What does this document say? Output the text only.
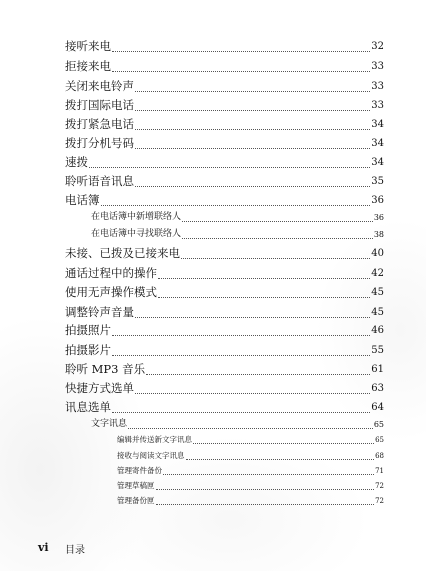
接听来电	32
拒接来电	33
关闭来电铃声	33
拨打国际电话	33
拨打紧急电话	34
拨打分机号码	34
速拨	34
聆听语音讯息	35
电话簿	36
在电话簿中新增联络人	36
在电话簿中寻找联络人	38
未接、已拨及已接来电	40
通话过程中的操作	42
使用无声操作模式	45
调整铃声音量	45
拍摄照片	46
拍摄影片	55
聆听 MP3 音乐	61
快捷方式选单	63
讯息选单	64
文字讯息	65
编辑并传送新文字讯息	65
接收与阅读文字讯息	68
管理寄件备份	71
管理草稿匣	72
管理备份匣	72
vi 目录
